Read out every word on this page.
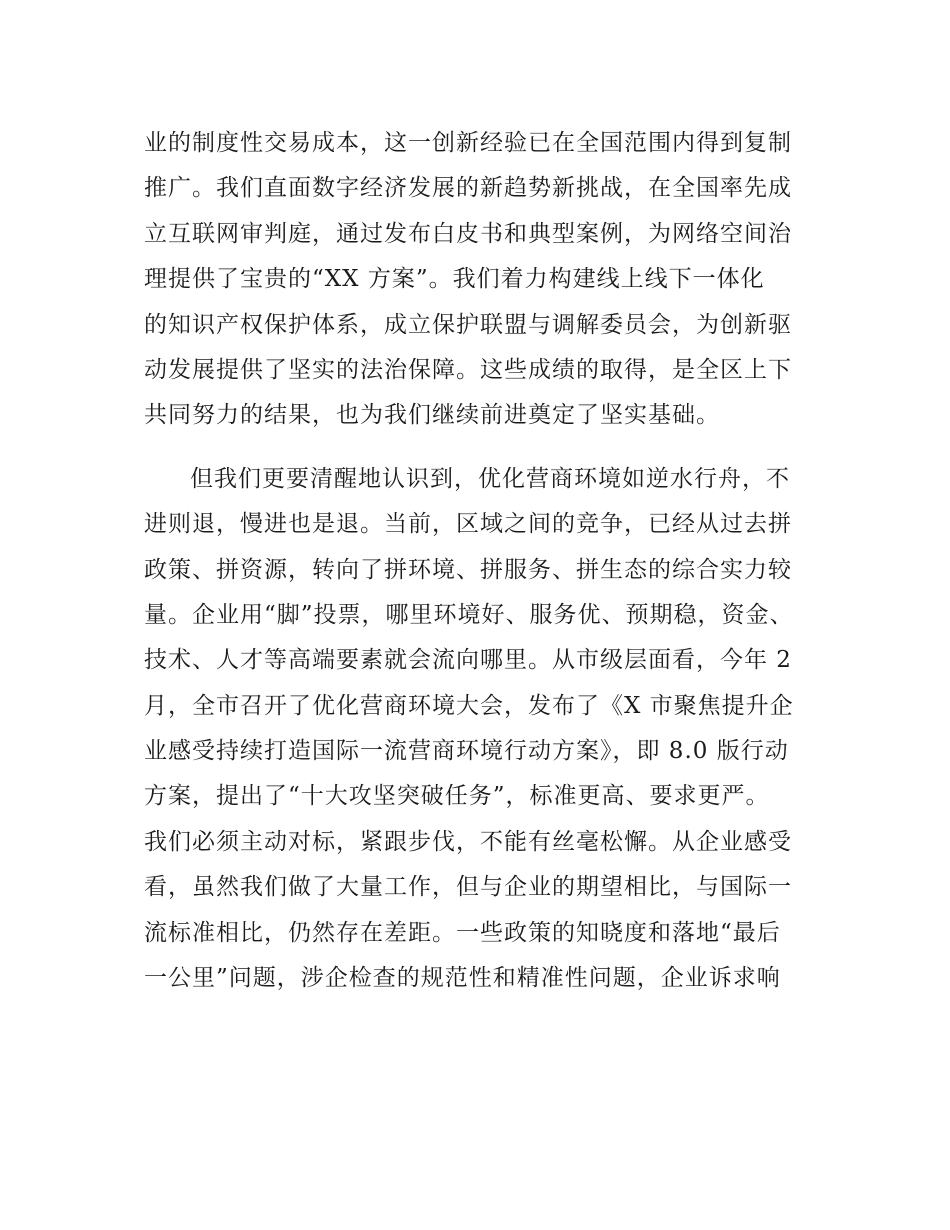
业的制度性交易成本，这一创新经验已在全国范围内得到复制
推广。我们直面数字经济发展的新趋势新挑战，在全国率先成
立互联网审判庭，通过发布白皮书和典型案例，为网络空间治
理提供了宝贵的“XX 方案”。我们着力构建线上线下一体化
的知识产权保护体系，成立保护联盟与调解委员会，为创新驱
动发展提供了坚实的法治保障。这些成绩的取得，是全区上下
共同努力的结果，也为我们继续前进奠定了坚实基础。
但我们更要清醒地认识到，优化营商环境如逆水行舟，不
进则退，慢进也是退。当前，区域之间的竞争，已经从过去拼
政策、拼资源，转向了拼环境、拼服务、拼生态的综合实力较
量。企业用“脚”投票，哪里环境好、服务优、预期稳，资金、
技术、人才等高端要素就会流向哪里。从市级层面看，今年 2
月，全市召开了优化营商环境大会，发布了《X 市聚焦提升企
业感受持续打造国际一流营商环境行动方案》，即 8.0 版行动
方案，提出了“十大攻坚突破任务”，标准更高、要求更严。
我们必须主动对标，紧跟步伐，不能有丝毫松懈。从企业感受
看，虽然我们做了大量工作，但与企业的期望相比，与国际一
流标准相比，仍然存在差距。一些政策的知晓度和落地“最后
一公里”问题，涉企检查的规范性和精准性问题，企业诉求响
